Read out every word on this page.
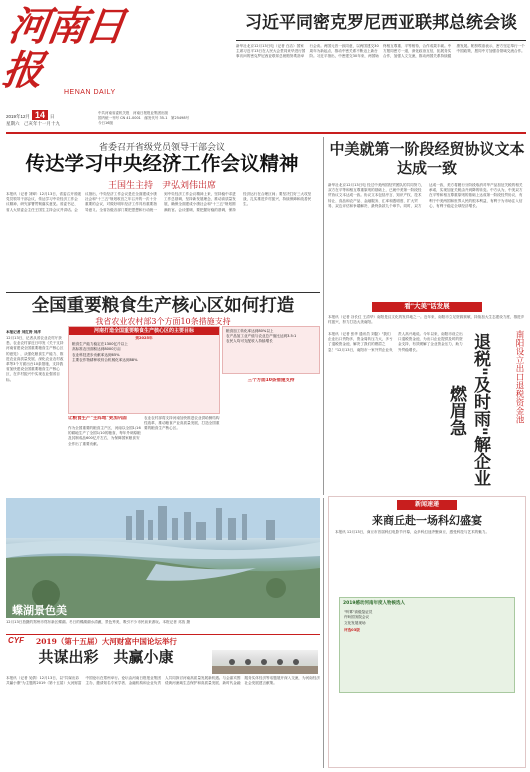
河南日报	HENAN DAILY
2019年12月 14 日
星期六　己亥年十一月十九
中共河南省委机关报　河南日报报业集团出版
国内统一刊号 CN 41-0001　 邮发代号 35-1　第25498号
今日16版
习近平同密克罗尼西亚联邦总统会谈
新华社北京12月13日电（记者 白洁）国家主席习近平13日在人民大会堂同来华进行国事访问的密克罗尼西亚联邦总统帕努埃洛举行会谈。两国元首一致同意，以两国建交30周年为新起点，推动中密关系不断迈上新台阶。习近平指出，中密建交30年来，两国始终相互尊重、平等相待，合作成果丰硕。中方愿同密方一道，深化政治互信，拓展务实合作，加强人文交流，推动两国关系持续健康发展。帕努埃洛表示，密方坚定奉行一个中国政策，愿同中方加强各领域交流合作。
省委召开省级党员领导干部会议
传达学习中央经济工作会议精神
王国生主持　尹弘刘伟出席
本报讯（记者 刘婵）12月13日，省委召开省级党员领导干部会议，传达学习中央经济工作会议精神，研究部署贯彻落实意见。省委书记、省人大常委会主任王国生主持会议并讲话。会议指出，中央经济工作会议是在全面建成小康社会和"十三五"规划收官之年召开的一次十分重要的会议，对做好明年经济工作具有重要指导意义。全省各级各部门要把思想和行动统一到中央经济工作会议精神上来，坚持稳中求进工作总基调，坚持新发展理念，推动高质量发展，确保全面建成小康社会和"十三五"规划圆满收官。会议强调，要把握好稳的基调，保持经济运行在合理区间；要坚决打好三大攻坚战，扎实推进乡村振兴，持续保障和改善民生。
中美就第一阶段经贸协议文本达成一致
新华社北京12月13日电 经过中美两国经贸团队的共同努力，双方在平等和相互尊重原则的基础上，已就中美第一阶段经贸协议文本达成一致。协议文本包括序言、知识产权、技术转让、食品和农产品、金融服务、汇率和透明度、扩大贸易、双边评估和争端解决、最终条款九个章节。同时，双方达成一致，美方将履行分阶段取消对华产品加征关税的相关承诺，实现加征关税由升到降的转变。中方认为，中美双方在平等和相互尊重原则的基础上达成第一阶段经贸协议，有利于中美两国和世界人民的根本利益，有利于为市场注入信心，有利于稳定全球经济增长。
看"大美"话发展
本报讯（记者 谷长红 王清华）南阳是汉文化的发祥地之一。近年来，南阳市立足资源禀赋，持续加大生态建设力度，推进乡村振兴，努力打造大美南阳。
南阳设立出口退税资金池
退税"及时雨"解企业燃眉急
本报讯（记者 张华 通讯员 刘磊）"我们企业出口货物多，资金周转压力大，多亏了退税资金池，解决了我们的燃眉之急！"12月13日，南阳市一家外贸企业负责人高兴地说。今年以来，南阳市设立出口退税资金池，为出口企业提供及时的资金支持，有效缓解了企业资金压力，助力外贸稳增长。
全国重要粮食生产核心区如何打造
我省农业农村部3个方面10条措施支持
本报记者 刘红涛 刘洋
12月13日，记者从省农业农村厅获悉，农业农村部近日印发《关于支持河南省建设全国重要粮食生产核心区的意见》，从强化粮食生产能力、推进农业高质量发展、深化农业农村改革等3个方面出台10条措施，支持我省加快建设全国重要粮食生产核心区，在乡村振兴中实现农业强省目标。
河南打造全国重要粮食生产核心区的主要目标
到2025年
粮食生产能力稳定在1300亿斤以上
高标准农田面积达到8000万亩
农业科技进步贡献率达到65%
主要农作物耕种收综合机械化率达到88%
让粮食生产"主阵地"更加巩固
作为全国重要的粮食主产区，河南以全国1/16的耕地生产了全国1/10的粮食，每年外调原粮及其制成品600亿斤左右，为保障国家粮食安全作出了重要贡献。
农业农村部将支持河南加快推进农业供给侧结构性改革，推动粮食产业高质量发展，打造全国重要的粮食生产核心区。
粮食加工转化率达到80%以上
农产品加工业产值与农业总产值比达到3.5:1
农民人均可支配收入持续增长
三个方面10条措施支持
蝶湖景色美
12月13日拍摄的郑州市郑东新区蝶湖。冬日的蝶湖湖水清澈，景色秀美，吸引不少市民前来游玩。本报记者 邓放 摄
CYF 2019（第十五届）大河财富中国论坛举行
共谋出彩　共赢小康
本报讯（记者 吴倩）12月13日，以"共谋出彩 共赢小康"为主题的2019（第十五届）大河财富中国论坛在郑州举行。论坛由河南日报报业集团主办，邀请知名专家学者、金融机构和企业负责人共同探讨河南高质量发展新机遇。与会嘉宾围绕黄河流域生态保护和高质量发展、新时代金融服务实体经济等话题展开深入交流，为河南经济社会发展建言献策。
新闻速递
来商丘赴一场科幻盛宴
本报讯 12月13日，商丘市首届科幻电影节开幕，众多科幻迷齐聚商丘，感受科技与艺术的魅力。
2019感动河南年度人物候选人
"听雾"高级鉴证员
许昕国务院会议
文化发展现场
评选03版
